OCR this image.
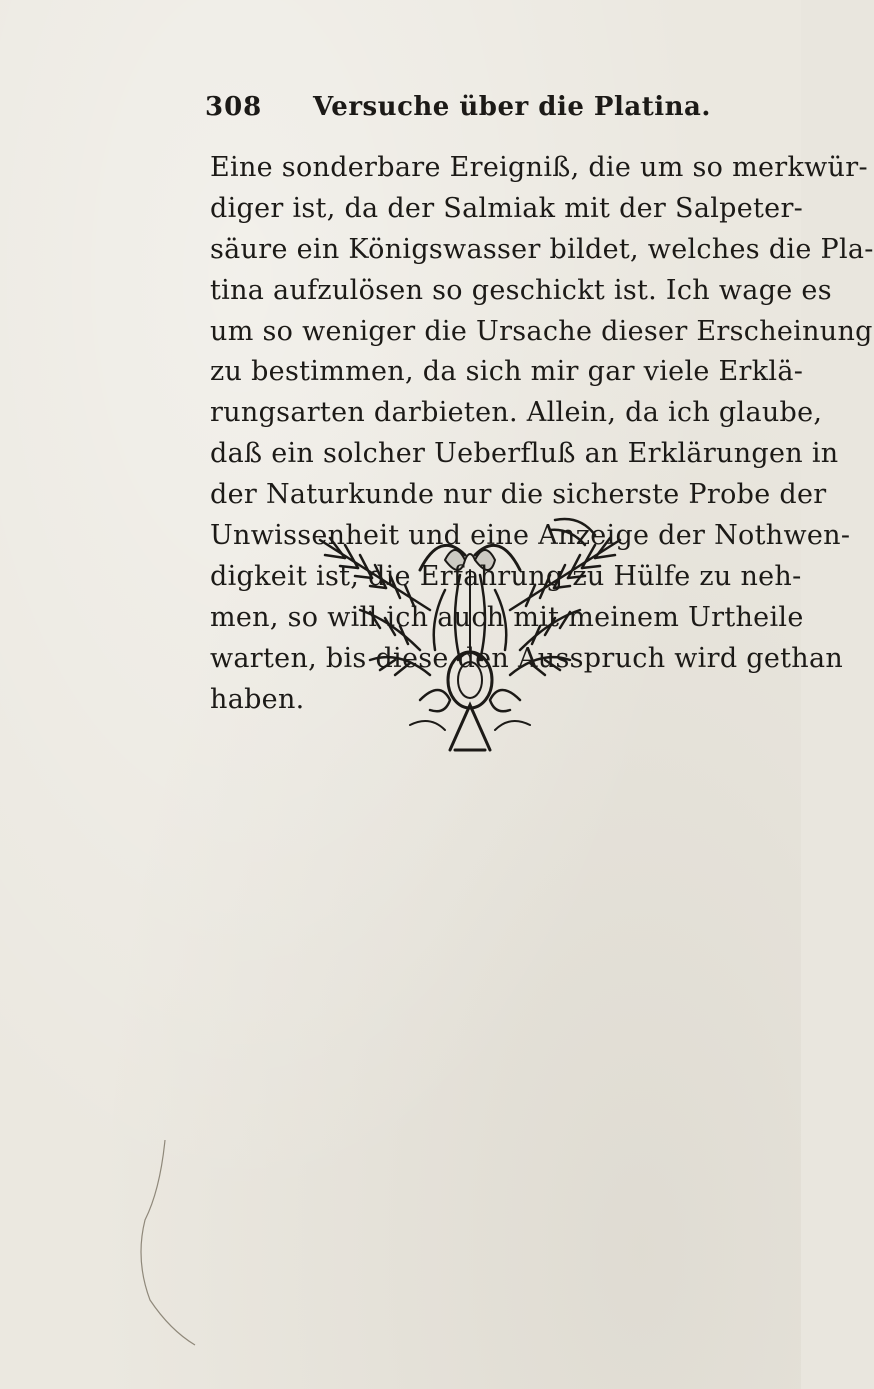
308 Versuche über die Platina.
Eine sonderbare Ereigniß, die um so merkwür-
diger ist, da der Salmiak mit der Salpeter-
säure ein Königswasser bildet, welches die Pla-
tina aufzulösen so geschickt ist. Ich wage es
um so weniger die Ursache dieser Erscheinung
zu bestimmen, da sich mir gar viele Erklä-
rungsarten darbieten. Allein, da ich glaube,
daß ein solcher Ueberfluß an Erklärungen in
der Naturkunde nur die sicherste Probe der
Unwissenheit und eine Anzeige der Nothwen-
digkeit ist, die Erfahrung zu Hülfe zu neh-
men, so will ich auch mit meinem Urtheile
warten, bis diese den Ausspruch wird gethan
haben.
